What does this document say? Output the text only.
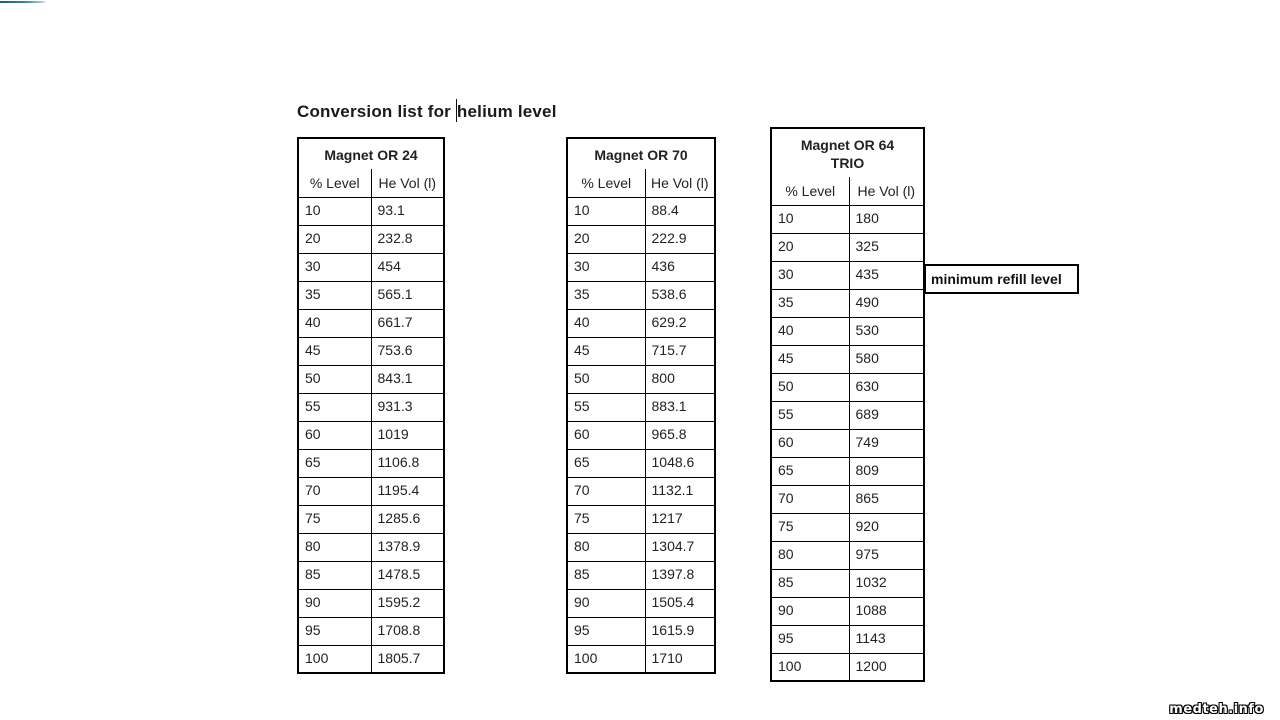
Conversion list for helium level
Magnet OR 24	
% Level	He Vol (l)
10	93.1
20	232.8
30	454
35	565.1
40	661.7
45	753.6
50	843.1
55	931.3
60	1019
65	1106.8
70	1195.4
75	1285.6
80	1378.9
85	1478.5
90	1595.2
95	1708.8
100	1805.7
Magnet OR 70	
% Level	He Vol (l)
10	88.4
20	222.9
30	436
35	538.6
40	629.2
45	715.7
50	800
55	883.1
60	965.8
65	1048.6
70	1132.1
75	1217
80	1304.7
85	1397.8
90	1505.4
95	1615.9
100	1710
Magnet OR 64
TRIO	
% Level	He Vol (l)
10	180
20	325
30	435
35	490
40	530
45	580
50	630
55	689
60	749
65	809
70	865
75	920
80	975
85	1032
90	1088
95	1143
100	1200
minimum refill level
medteh.info
